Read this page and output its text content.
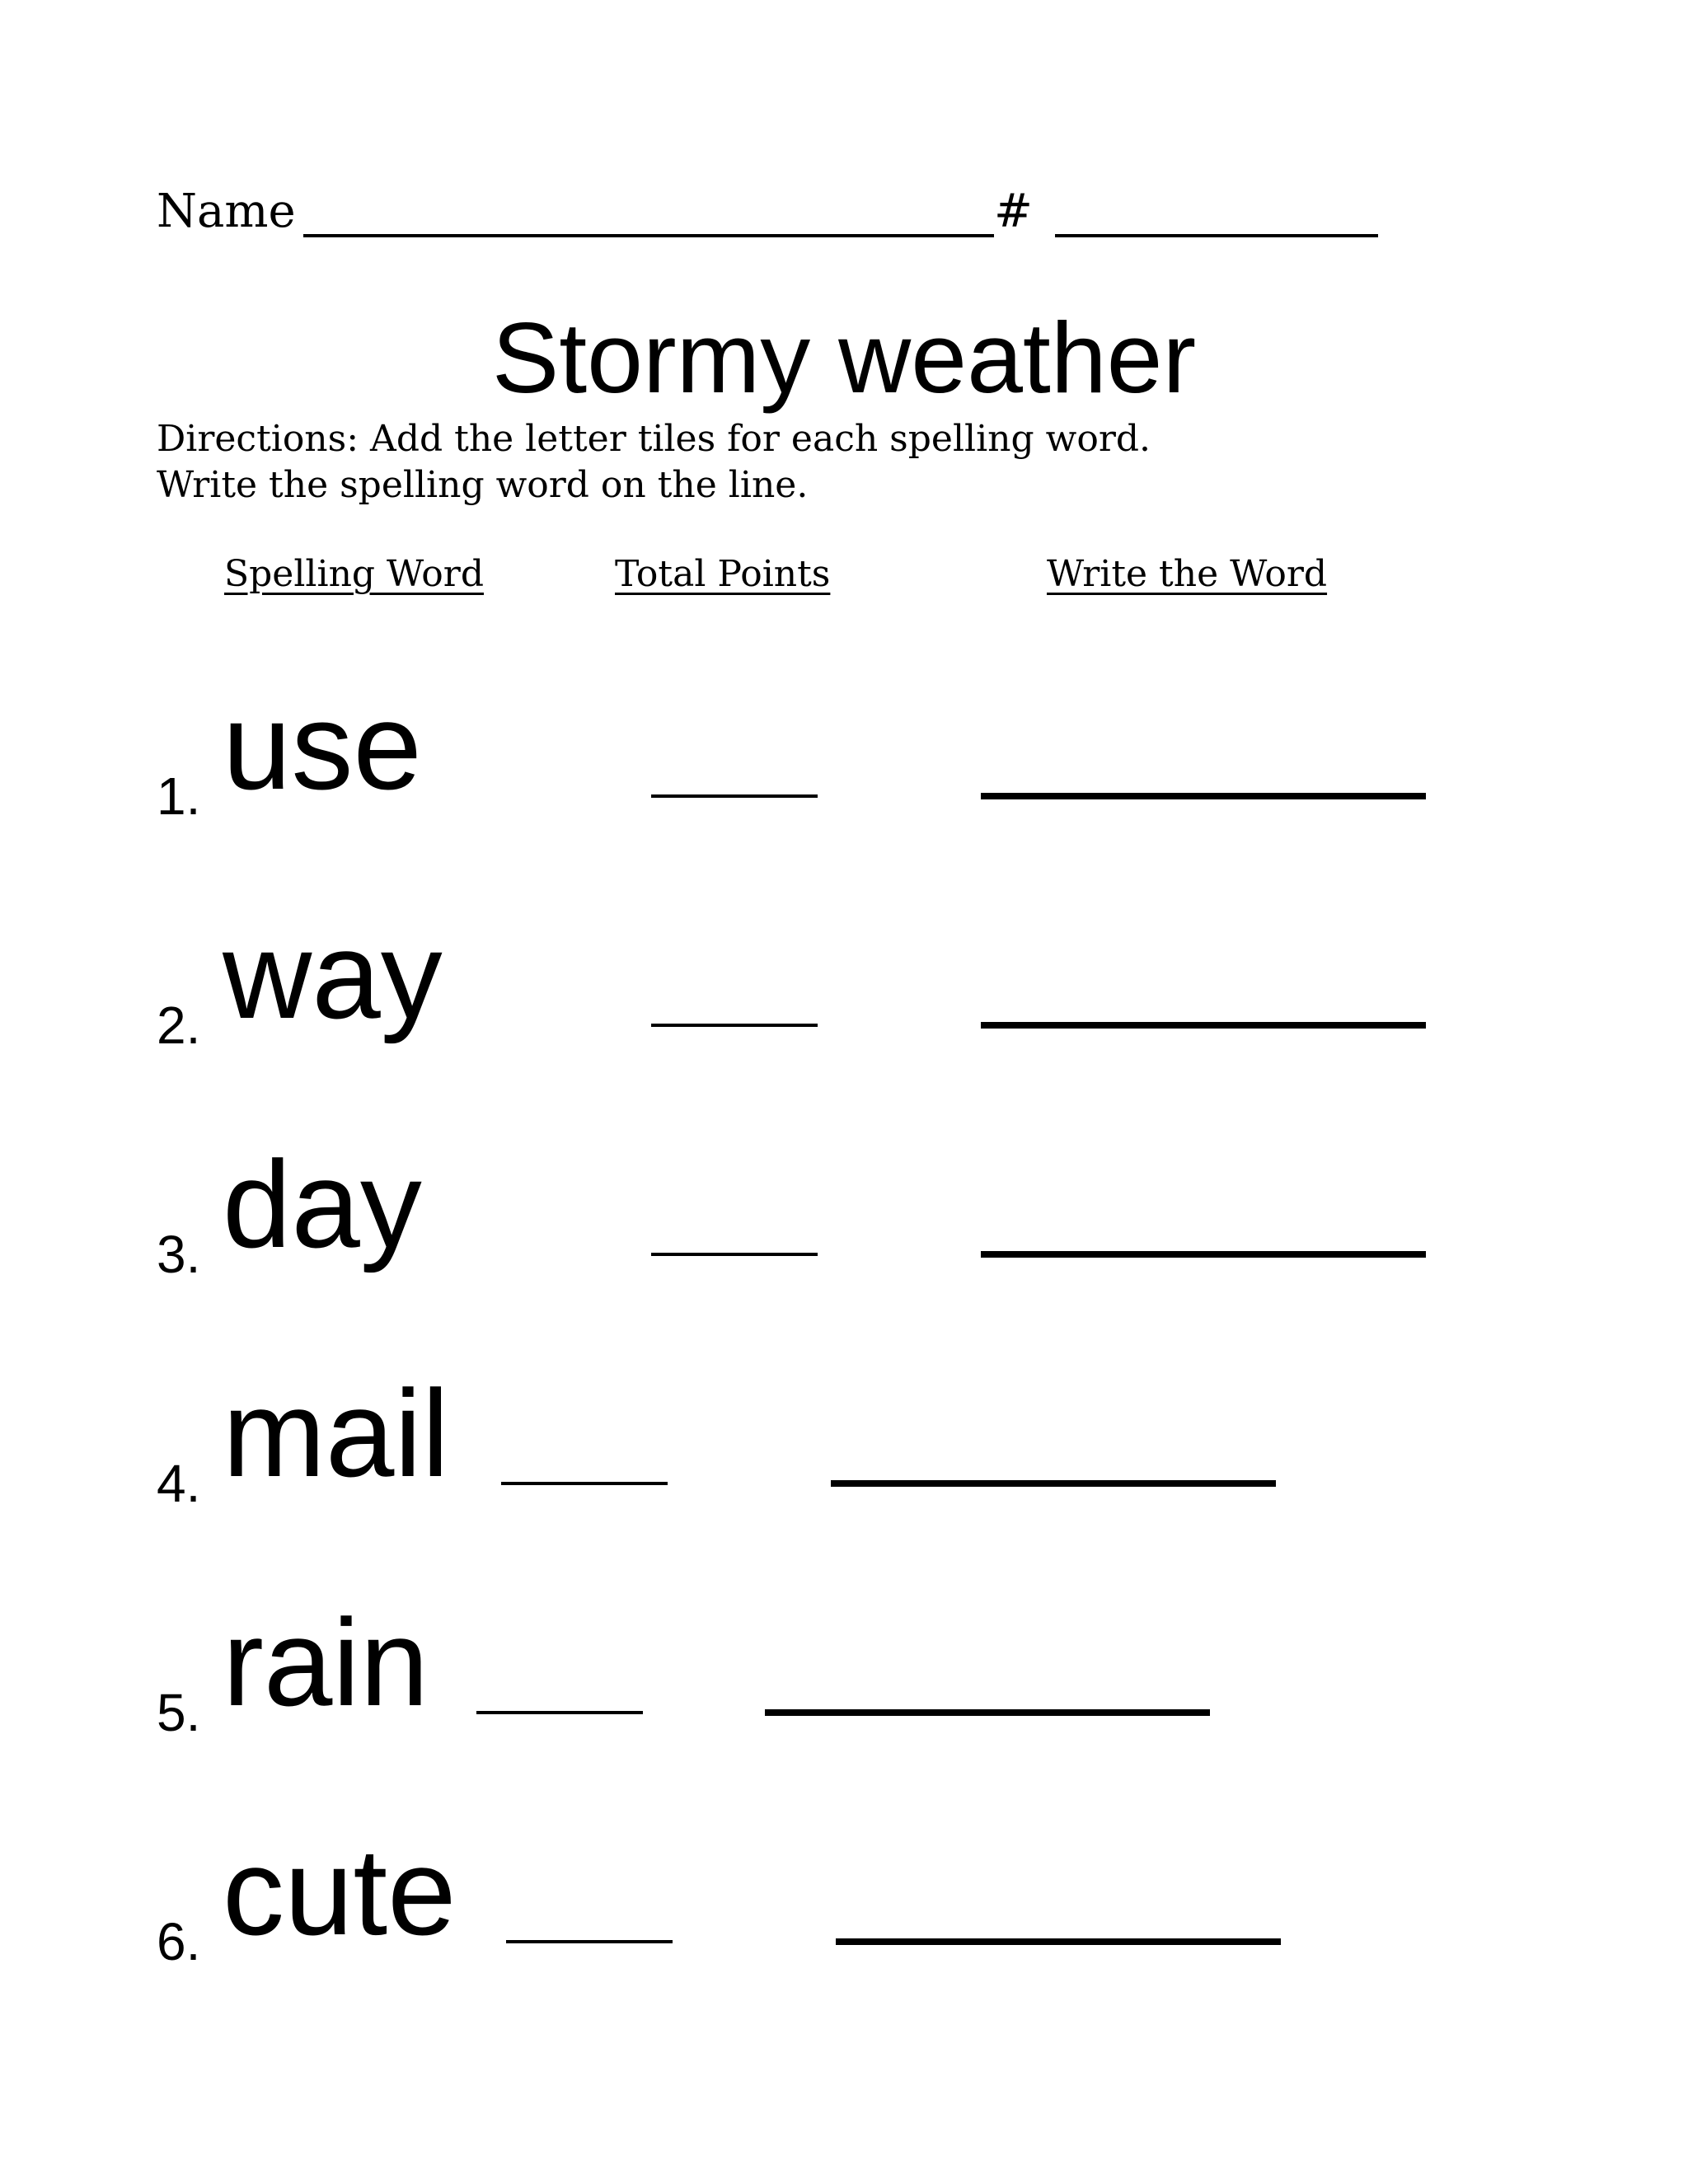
Name	#
Stormy weather
Directions: Add the letter tiles for each spelling word.
Write the spelling word on the line.
Spelling Word	Total Points	Write the Word
1. use
2. way
3. day
4. mail
5. rain
6. cute
